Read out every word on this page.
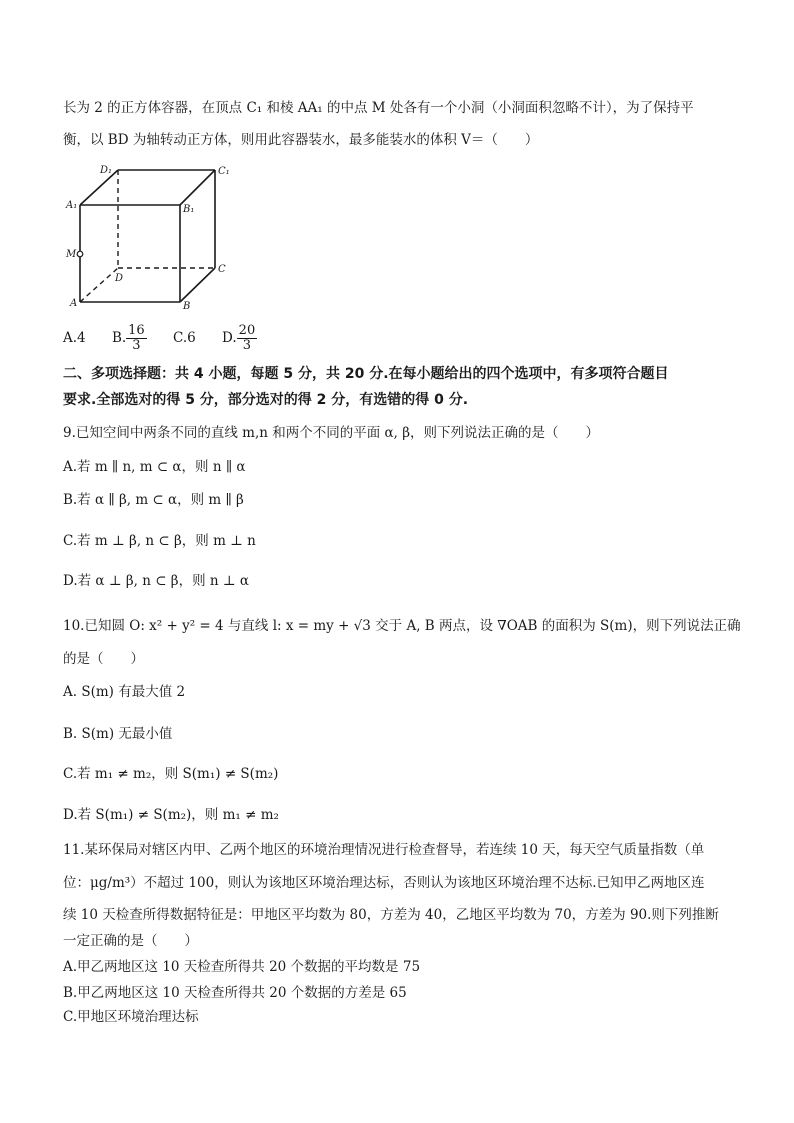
长为 2 的正方体容器，在顶点 C₁ 和棱 AA₁ 的中点 M 处各有一个小洞（小洞面积忽略不计），为了保持平
衡，以 BD 为轴转动正方体，则用此容器装水，最多能装水的体积 V＝（　　）
D₁	C₁
A₁	B₁
M
D
C
A	B
A.4 B. $\frac{16}{3} C.6$ D. $\frac{20}{3}$
二、多项选择题：共 4 小题，每题 5 分，共 20 分.在每小题给出的四个选项中，有多项符合题目
要求.全部选对的得 5 分，部分选对的得 2 分，有选错的得 0 分.
9.已知空间中两条不同的直线 m,n 和两个不同的平面 α, β，则下列说法正确的是（　　）
A.若 m ∥ n, m ⊂ α，则 n ∥ α
B.若 α ∥ β, m ⊂ α，则 m ∥ β
C.若 m ⊥ β, n ⊂ β，则 m ⊥ n
D.若 α ⊥ β, n ⊂ β，则 n ⊥ α
10.已知圆 O: x² + y² = 4 与直线 l: x = my + √3 交于 A, B 两点，设 ∇OAB 的面积为 S(m)，则下列说法正确
的是（　　）
A. S(m) 有最大值 2
B. S(m) 无最小值
C.若 m₁ ≠ m₂，则 S(m₁) ≠ S(m₂)
D.若 S(m₁) ≠ S(m₂)，则 m₁ ≠ m₂
11.某环保局对辖区内甲、乙两个地区的环境治理情况进行检查督导，若连续 10 天，每天空气质量指数（单
位：μg/m³）不超过 100，则认为该地区环境治理达标，否则认为该地区环境治理不达标.已知甲乙两地区连
续 10 天检查所得数据特征是：甲地区平均数为 80，方差为 40，乙地区平均数为 70，方差为 90.则下列推断
一定正确的是（　　）
A.甲乙两地区这 10 天检查所得共 20 个数据的平均数是 75
B.甲乙两地区这 10 天检查所得共 20 个数据的方差是 65
C.甲地区环境治理达标
